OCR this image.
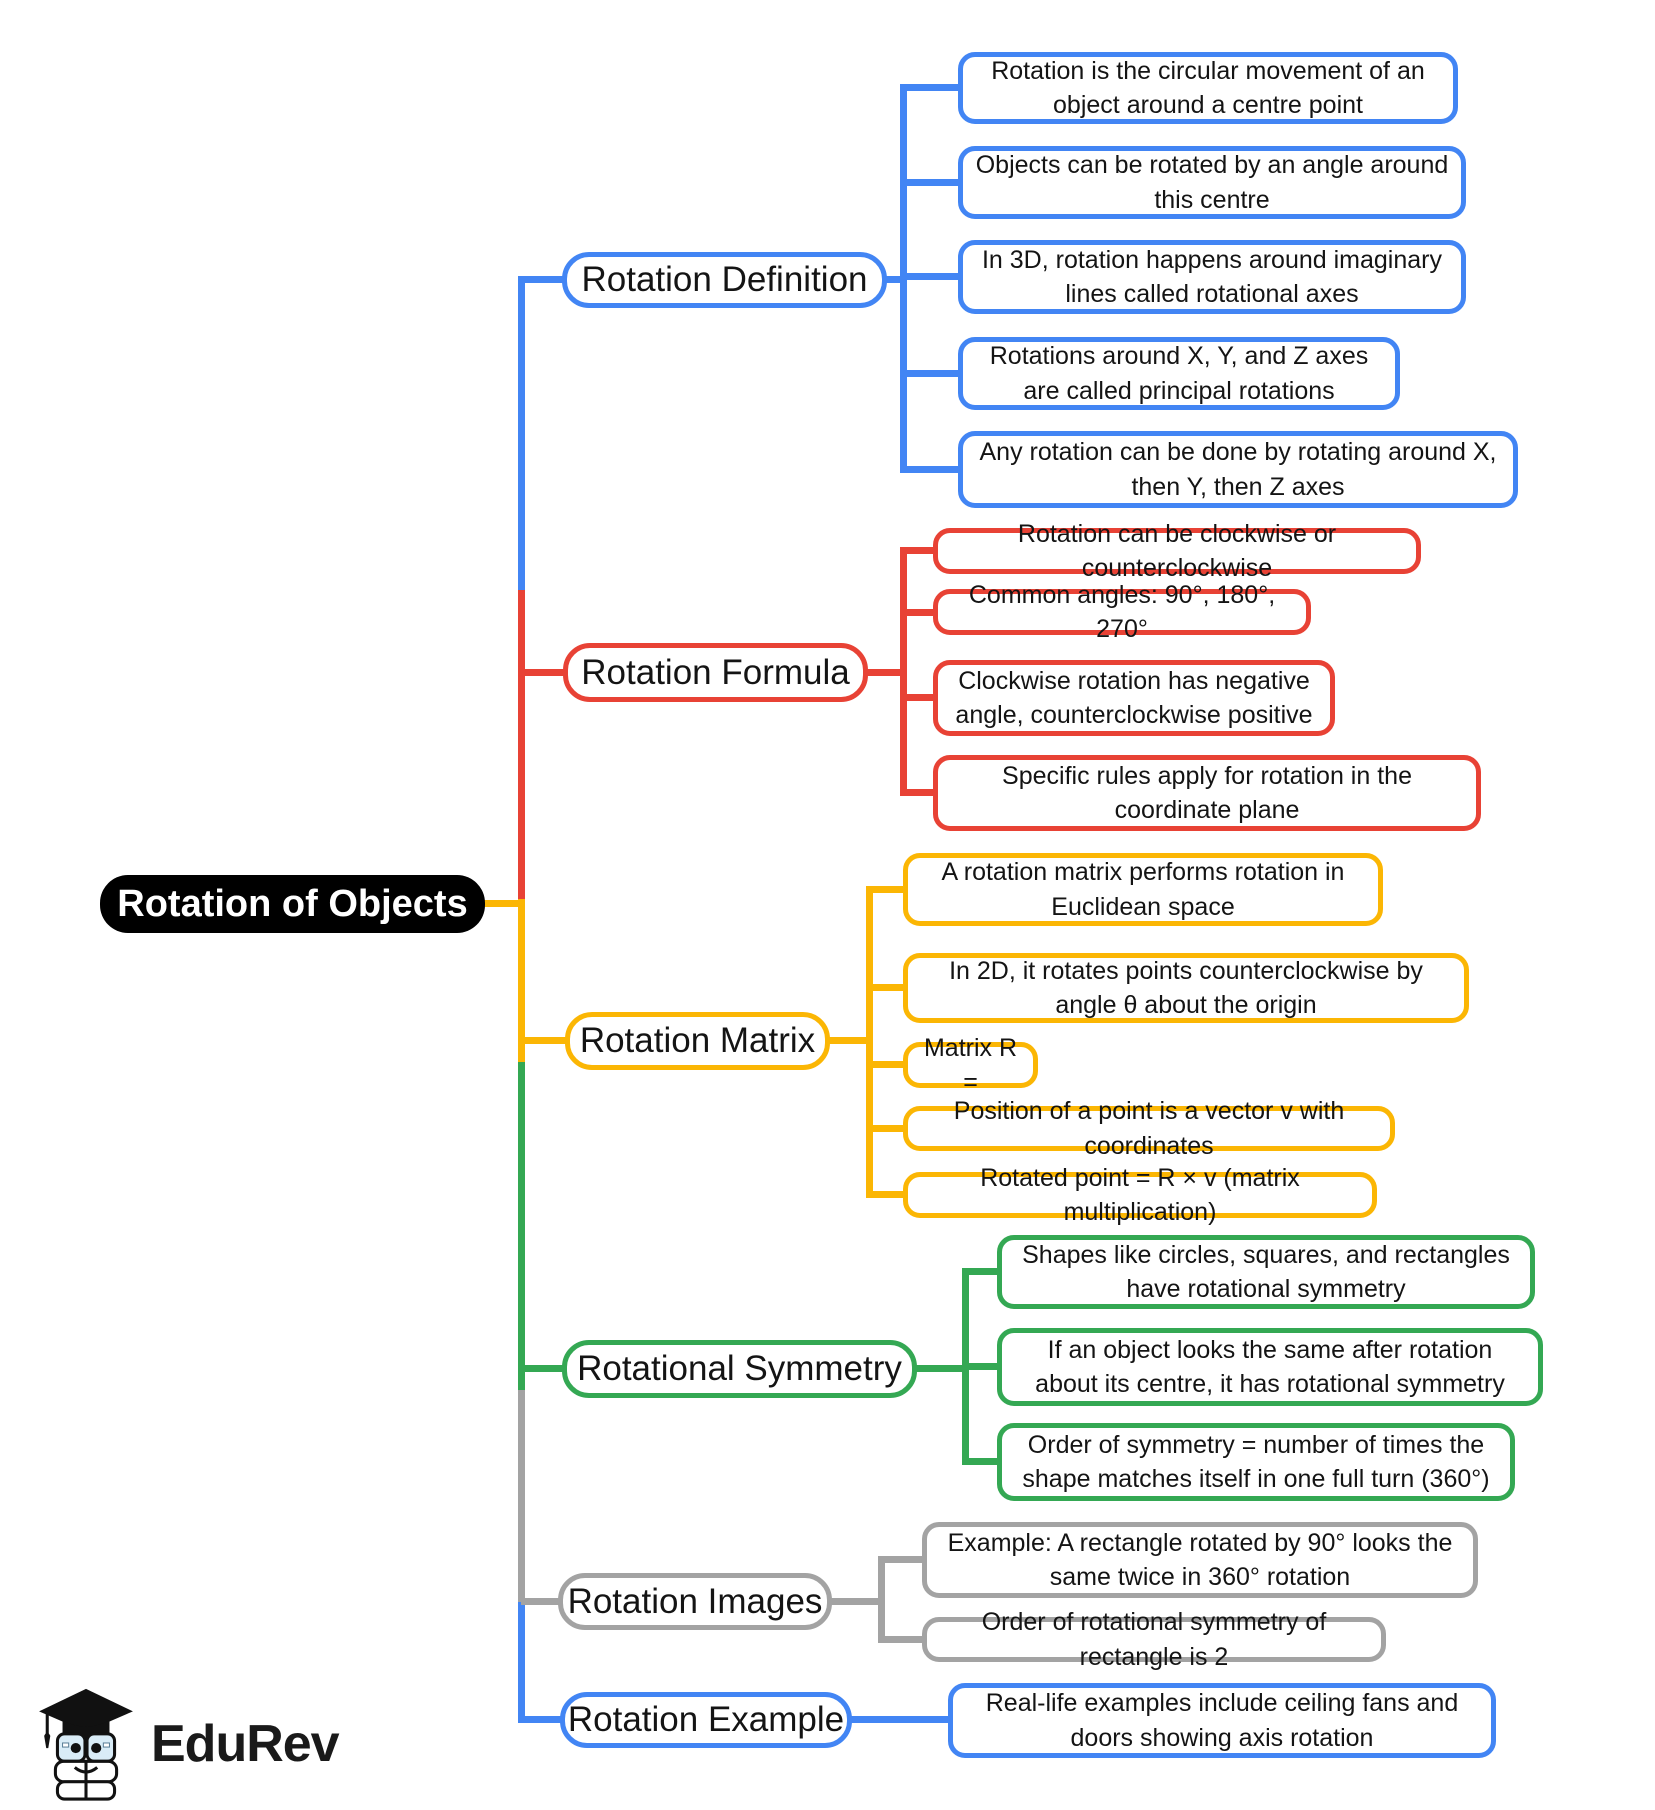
Rotation of Objects
Rotation Definition
Rotation is the circular movement of an object around a centre point
Objects can be rotated by an angle around this centre
In 3D, rotation happens around imaginary lines called rotational axes
Rotations around X, Y, and Z axes are called principal rotations
Any rotation can be done by rotating around X, then Y, then Z axes
Rotation Formula
Rotation can be clockwise or counterclockwise
Common angles: 90°, 180°, 270°
Clockwise rotation has negative angle, counterclockwise positive
Specific rules apply for rotation in the coordinate plane
Rotation Matrix
A rotation matrix performs rotation in Euclidean space
In 2D, it rotates points counterclockwise by angle θ about the origin
Matrix R =
Position of a point is a vector v with coordinates
Rotated point = R × v (matrix multiplication)
Rotational Symmetry
Shapes like circles, squares, and rectangles have rotational symmetry
If an object looks the same after rotation about its centre, it has rotational symmetry
Order of symmetry = number of times the shape matches itself in one full turn (360°)
Rotation Images
Example: A rectangle rotated by 90° looks the same twice in 360° rotation
Order of rotational symmetry of rectangle is 2
Rotation Example	Real-life examples include ceiling fans and doors showing axis rotation
EduRev
